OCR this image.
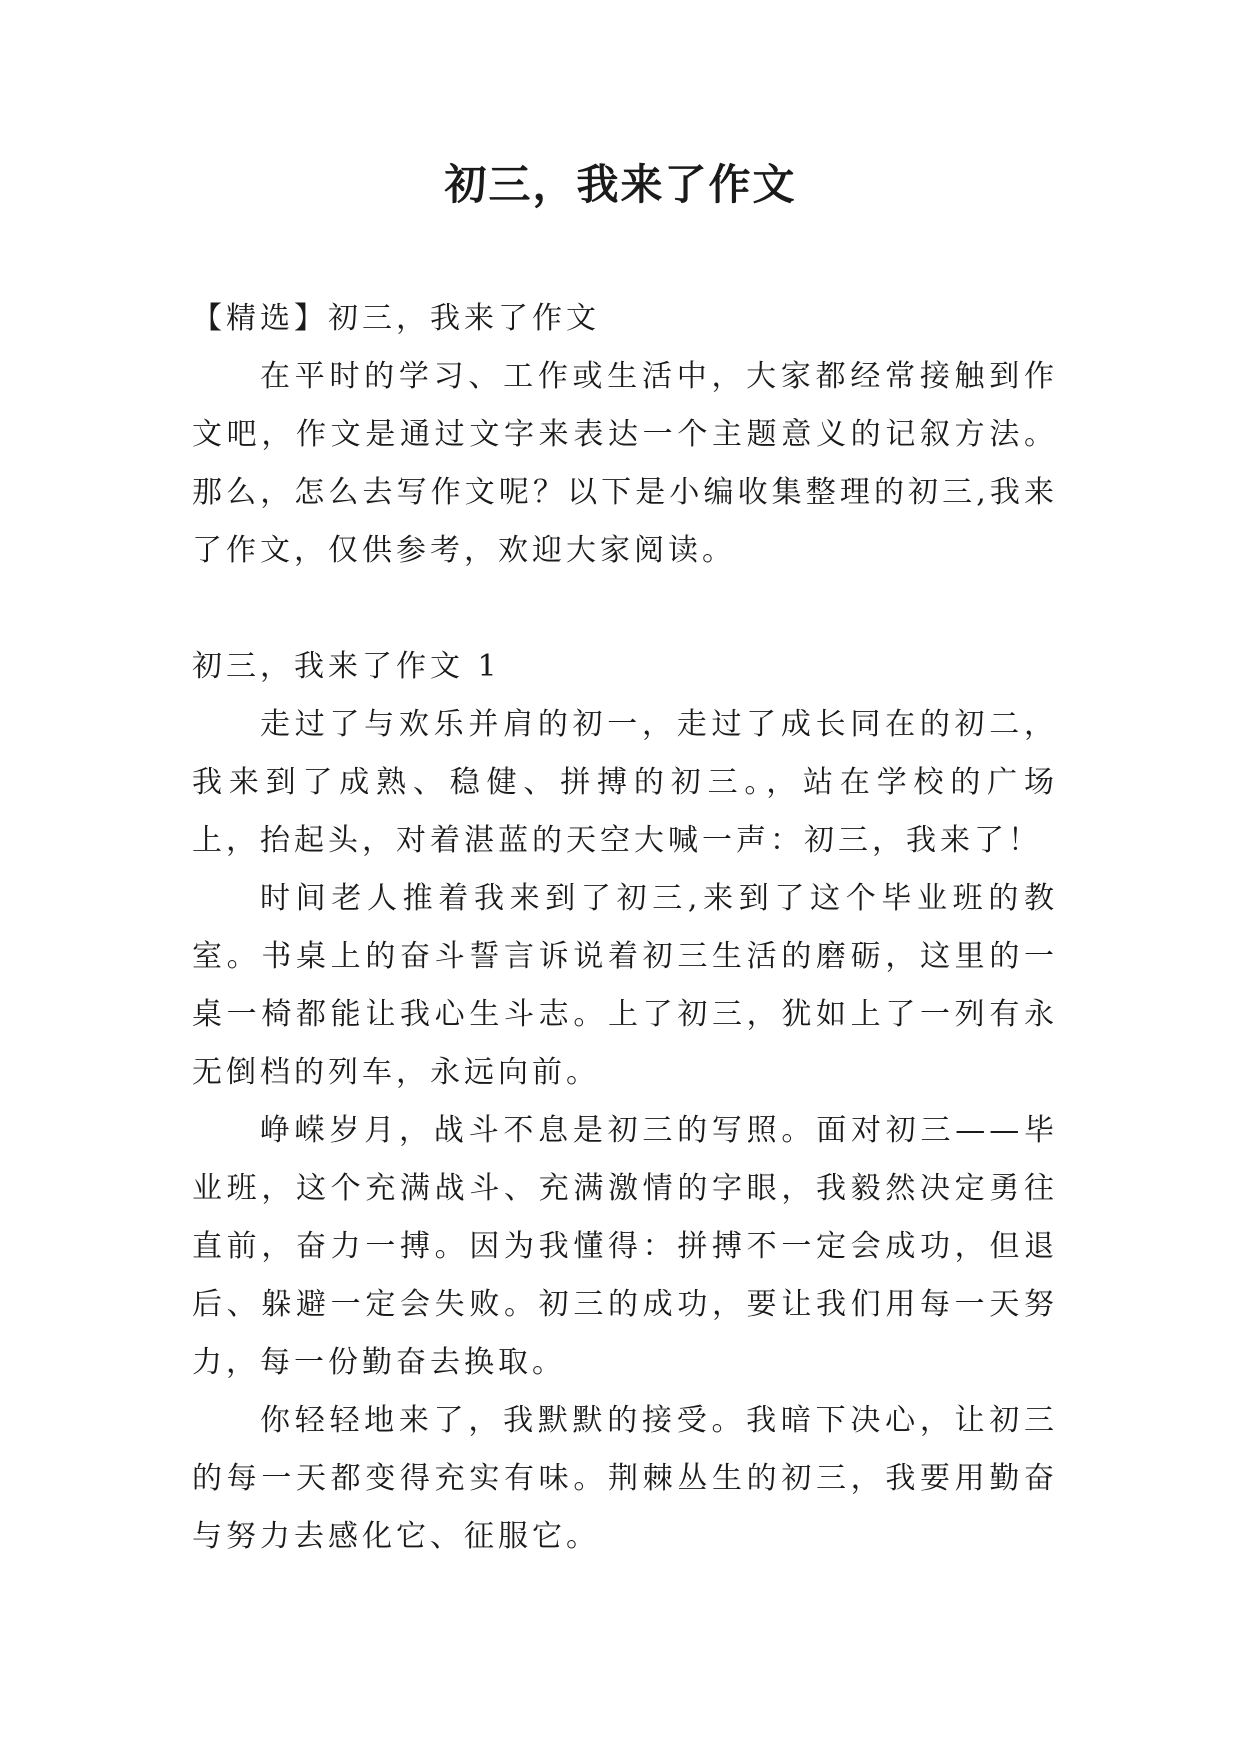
初三，我来了作文

【精选】初三，我来了作文

在平时的学习、工作或生活中，大家都经常接触到作文吧，作文是通过文字来表达一个主题意义的记叙方法。那么，怎么去写作文呢？以下是小编收集整理的初三,我来了作文，仅供参考，欢迎大家阅读。

初三，我来了作文 1

走过了与欢乐并肩的初一，走过了成长同在的初二，我来到了成熟、稳健、拼搏的初三。，站在学校的广场上，抬起头，对着湛蓝的天空大喊一声：初三，我来了！

时间老人推着我来到了初三,来到了这个毕业班的教室。书桌上的奋斗誓言诉说着初三生活的磨砺，这里的一桌一椅都能让我心生斗志。上了初三，犹如上了一列有永无倒档的列车，永远向前。

峥嵘岁月，战斗不息是初三的写照。面对初三——毕业班，这个充满战斗、充满激情的字眼，我毅然决定勇往直前，奋力一搏。因为我懂得：拼搏不一定会成功，但退后、躲避一定会失败。初三的成功，要让我们用每一天努力，每一份勤奋去换取。

你轻轻地来了，我默默的接受。我暗下决心，让初三的每一天都变得充实有味。荆棘丛生的初三，我要用勤奋与努力去感化它、征服它。
